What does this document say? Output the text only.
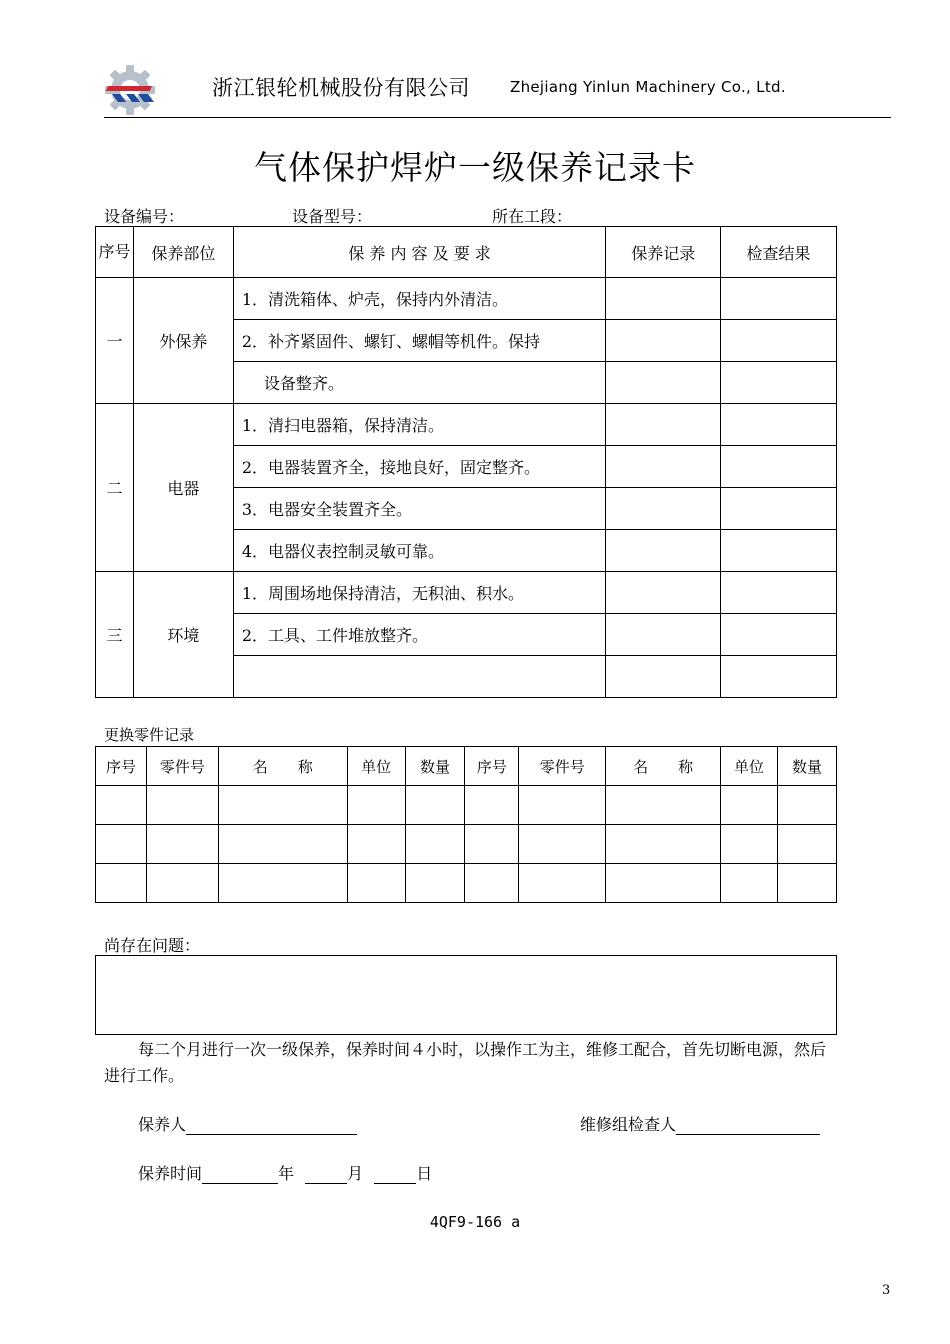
浙江银轮机械股份有限公司	Zhejiang Yinlun Machinery Co., Ltd.
气体保护焊炉一级保养记录卡
设备编号：	设备型号：	所在工段：
序号	保养部位	保 养 内 容 及 要 求	保养记录	检查结果
一	外保养	1．清洗箱体、炉壳，保持内外清洁。		
		2．补齐紧固件、螺钉、螺帽等机件。保持		
		设备整齐。		
二	电器	1．清扫电器箱，保持清洁。		
		2．电器装置齐全，接地良好，固定整齐。		
		3．电器安全装置齐全。		
		4．电器仪表控制灵敏可靠。		
三	环境	1．周围场地保持清洁，无积油、积水。		
		2．工具、工件堆放整齐。		

更换零件记录
序号	零件号	名　　称	单位	数量	序号	零件号	名　　称	单位	数量

尚存在问题：
每二个月进行一次一级保养，保养时间４小时，以操作工为主，维修工配合，首先切断电源，然后进行工作。
保养人	维修组检查人
保养时间	年	月	日
4QF9-166 a
3
